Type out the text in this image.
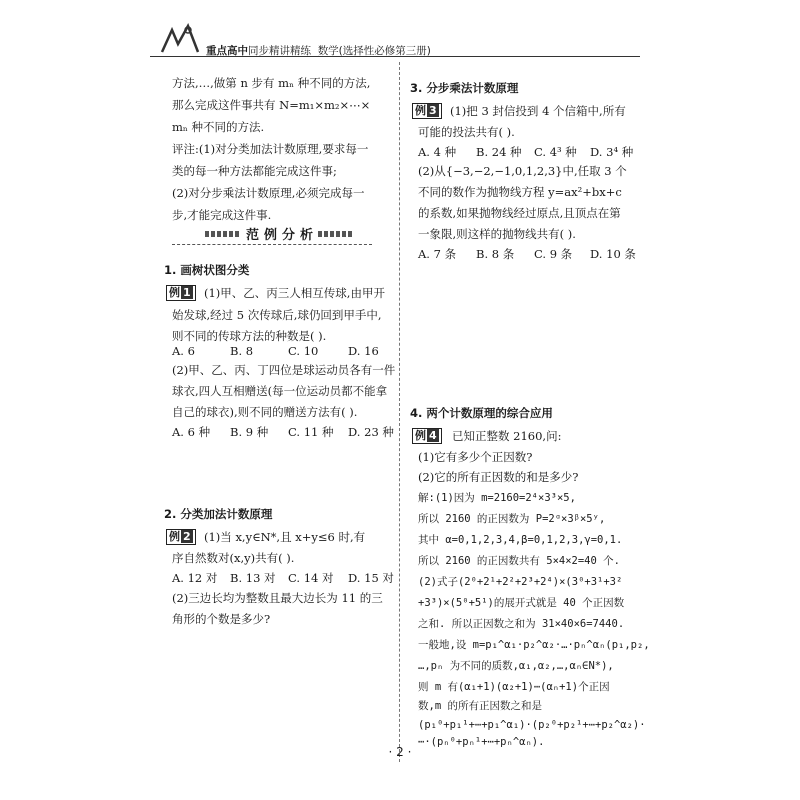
重点高中同步精讲精练 数学(选择性必修第三册)
方法,…,做第 n 步有 mₙ 种不同的方法,
那么完成这件事共有 N=m₁×m₂×⋯×
mₙ 种不同的方法.
评注:(1)对分类加法计数原理,要求每一
类的每一种方法都能完成这件事;
(2)对分步乘法计数原理,必须完成每一
步,才能完成这件事.
范例分析
1. 画树状图分类
例 1	(1)甲、乙、丙三人相互传球,由甲开
始发球,经过 5 次传球后,球仍回到甲手中,
则不同的传球方法的种数是( ).
A. 6	B. 8	C. 10	D. 16
(2)甲、乙、丙、丁四位是球运动员各有一件
球衣,四人互相赠送(每一位运动员都不能拿
自己的球衣),则不同的赠送方法有( ).
A. 6 种 B. 9 种 C. 11 种 D. 23 种
2. 分类加法计数原理
例 2	(1)当 x,y∈N*,且 x+y≤6 时,有
序自然数对(x,y)共有( ).
A. 12 对 B. 13 对 C. 14 对 D. 15 对
(2)三边长均为整数且最大边长为 11 的三
角形的个数是多少?
3. 分步乘法计数原理
例 3	(1)把 3 封信投到 4 个信箱中,所有
可能的投法共有( ).
A. 4 种 B. 24 种 C. 4³ 种 D. 3⁴ 种
(2)从{−3,−2,−1,0,1,2,3}中,任取 3 个
不同的数作为抛物线方程 y=ax²+bx+c
的系数,如果抛物线经过原点,且顶点在第
一象限,则这样的抛物线共有( ).
A. 7 条 B. 8 条 C. 9 条 D. 10 条
4. 两个计数原理的综合应用
例 4	已知正整数 2160,问:
(1)它有多少个正因数?
(2)它的所有正因数的和是多少?
解:(1)因为 m=2160=2⁴×3³×5,
所以 2160 的正因数为 P=2ᵅ×3ᵝ×5ʸ,
其中 α=0,1,2,3,4,β=0,1,2,3,γ=0,1.
所以 2160 的正因数共有 5×4×2=40 个.
(2)式子(2⁰+2¹+2²+2³+2⁴)×(3⁰+3¹+3²
+3³)×(5⁰+5¹)的展开式就是 40 个正因数
之和. 所以正因数之和为 31×40×6=7440.
一般地,设 m=p₁^α₁·p₂^α₂·…·pₙ^αₙ(p₁,p₂,
…,pₙ 为不同的质数,α₁,α₂,…,αₙ∈N*),
则 m 有(α₁+1)(α₂+1)⋯(αₙ+1)个正因
数,m 的所有正因数之和是
(p₁⁰+p₁¹+⋯+p₁^α₁)·(p₂⁰+p₂¹+⋯+p₂^α₂)·
⋯·(pₙ⁰+pₙ¹+⋯+pₙ^αₙ).
· 2 ·
